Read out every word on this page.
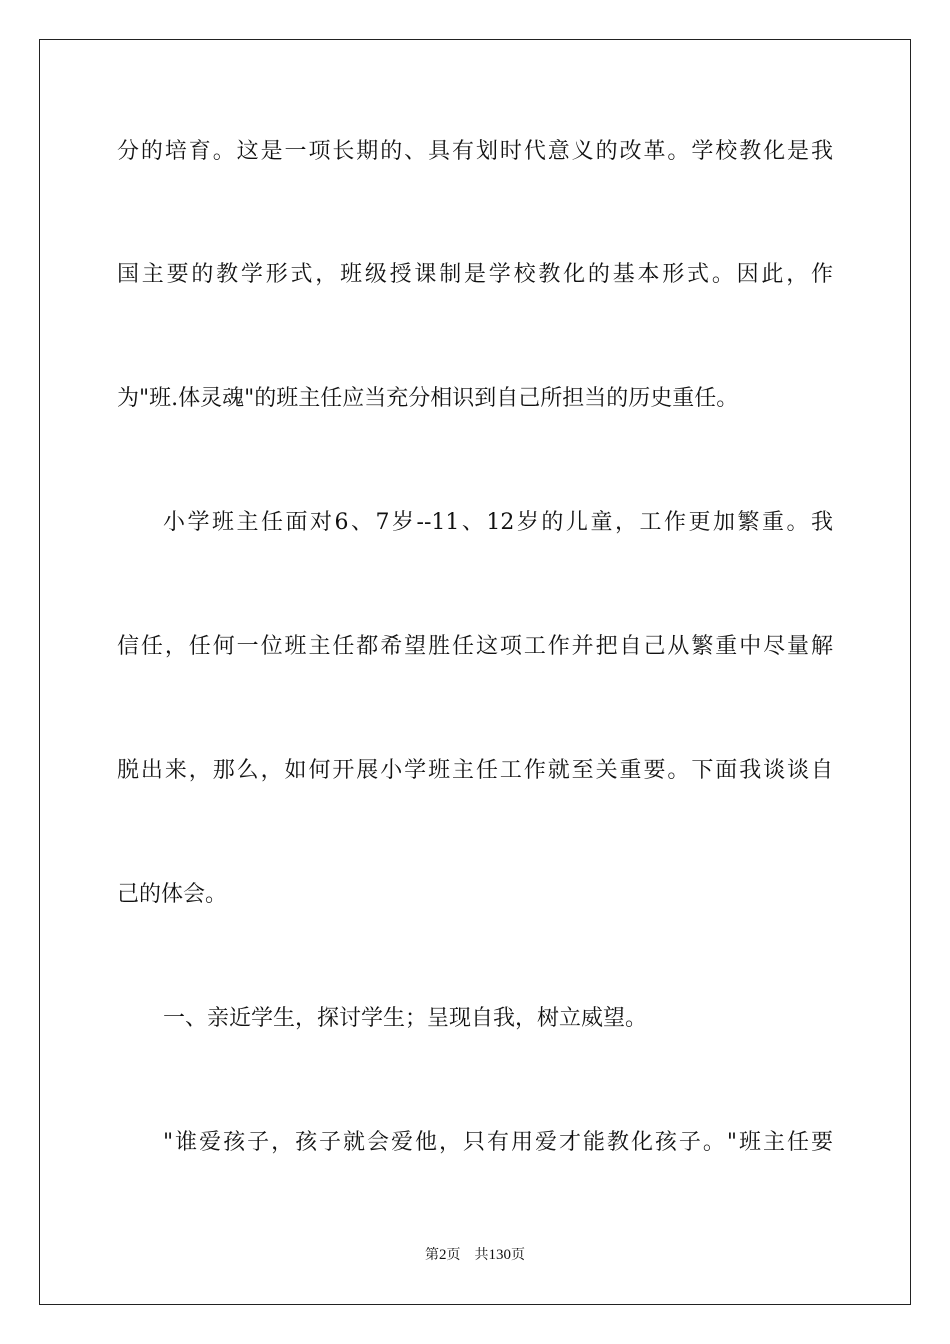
分的培育。这是一项长期的、具有划时代意义的改革。学校教化是我
国主要的教学形式，班级授课制是学校教化的基本形式。因此，作
为"班.体灵魂"的班主任应当充分相识到自己所担当的历史重任。
小学班主任面对6、7岁--11、12岁的儿童，工作更加繁重。我
信任，任何一位班主任都希望胜任这项工作并把自己从繁重中尽量解
脱出来，那么，如何开展小学班主任工作就至关重要。下面我谈谈自
己的体会。
一、亲近学生，探讨学生；呈现自我，树立威望。
"谁爱孩子，孩子就会爱他，只有用爱才能教化孩子。"班主任要
第2页 共130页
